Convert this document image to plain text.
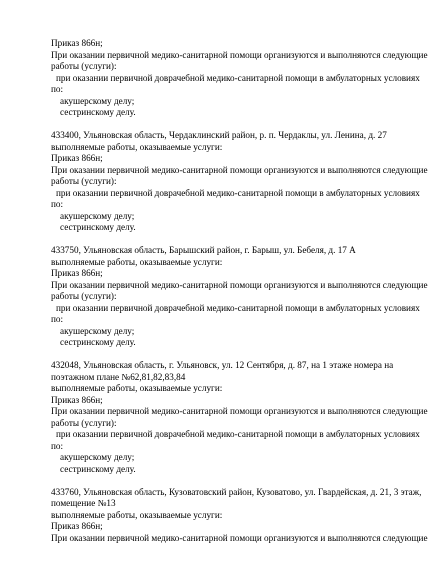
Приказ 866н;
При оказании первичной медико-санитарной помощи организуются и выполняются следующие
работы (услуги):
при оказании первичной доврачебной медико-санитарной помощи в амбулаторных условиях
по:
акушерскому делу;
сестринскому делу.
433400, Ульяновская область, Чердаклинский район, р. п. Чердаклы, ул. Ленина, д. 27
выполняемые работы, оказываемые услуги:
Приказ 866н;
При оказании первичной медико-санитарной помощи организуются и выполняются следующие
работы (услуги):
при оказании первичной доврачебной медико-санитарной помощи в амбулаторных условиях
по:
акушерскому делу;
сестринскому делу.
433750, Ульяновская область, Барышский район, г. Барыш, ул. Бебеля, д. 17 А
выполняемые работы, оказываемые услуги:
Приказ 866н;
При оказании первичной медико-санитарной помощи организуются и выполняются следующие
работы (услуги):
при оказании первичной доврачебной медико-санитарной помощи в амбулаторных условиях
по:
акушерскому делу;
сестринскому делу.
432048, Ульяновская область, г. Ульяновск, ул. 12 Сентября, д. 87, на 1 этаже номера на
поэтажном плане №62,81,82,83,84
выполняемые работы, оказываемые услуги:
Приказ 866н;
При оказании первичной медико-санитарной помощи организуются и выполняются следующие
работы (услуги):
при оказании первичной доврачебной медико-санитарной помощи в амбулаторных условиях
по:
акушерскому делу;
сестринскому делу.
433760, Ульяновская область, Кузоватовский район, Кузоватово, ул. Гвардейская, д. 21, 3 этаж,
помещение №13
выполняемые работы, оказываемые услуги:
Приказ 866н;
При оказании первичной медико-санитарной помощи организуются и выполняются следующие
